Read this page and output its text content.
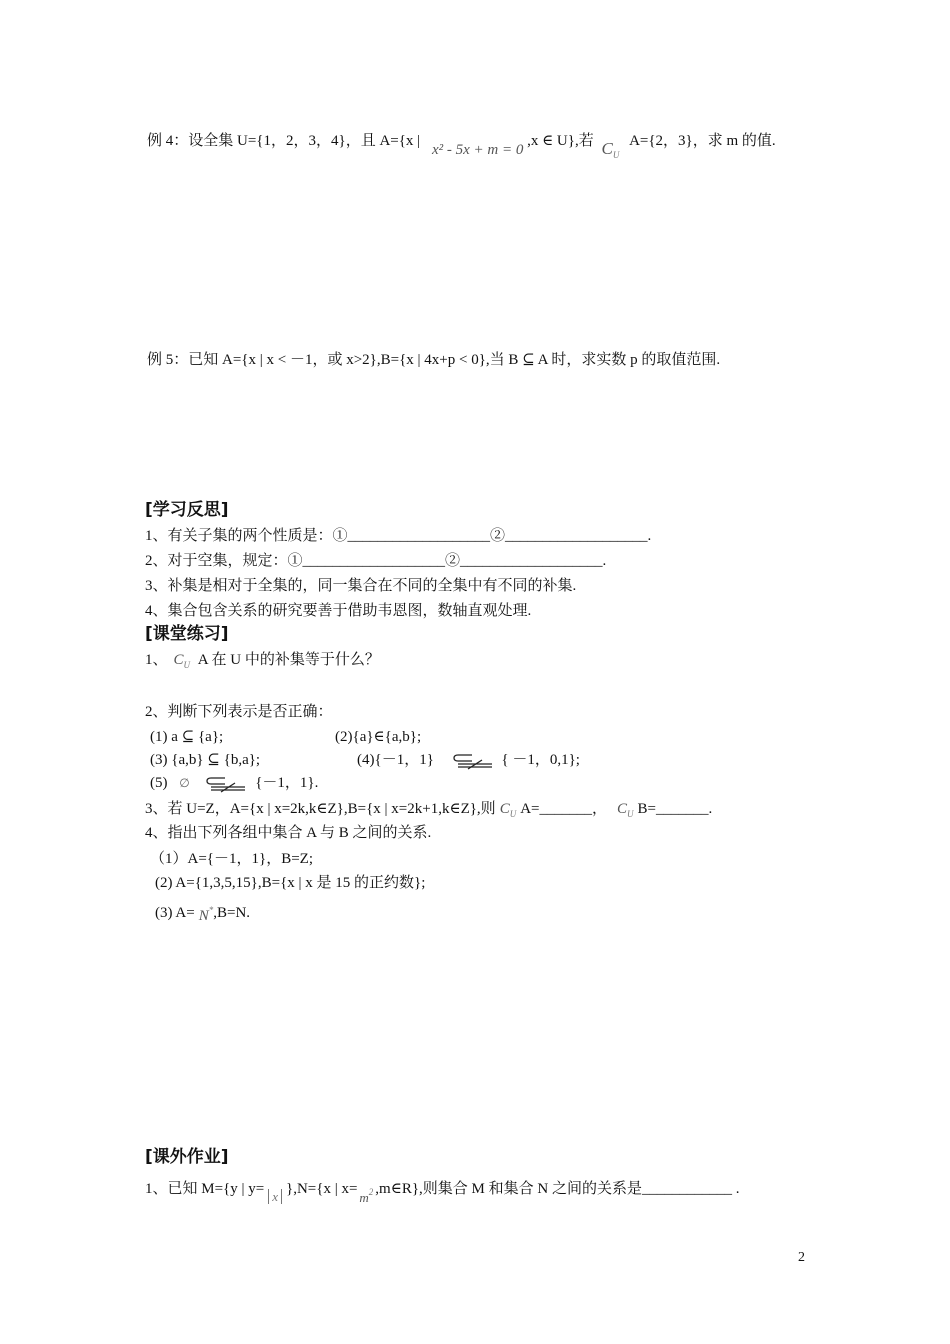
例 4：设全集 U={1，2，3，4}，且 A={x | x² - 5x + m = 0 ,x ∈ U},若 $C_U$ A={2，3}，求 m 的值.
例 5：已知 A={x | x < －1，或 x>2},B={x | 4x+p < 0},当 B ⊆ A 时，求实数 p 的取值范围.
[学习反思]
1、有关子集的两个性质是：①___________________②___________________.
2、对于空集，规定：①___________________②___________________.
3、补集是相对于全集的，同一集合在不同的全集中有不同的补集.
4、集合包含关系的研究要善于借助韦恩图，数轴直观处理.
[课堂练习]
1、 $C_U$ A 在 U 中的补集等于什么？
2、判断下列表示是否正确：
(1) a ⊆ {a};	(2){a}∈{a,b};
(3) {a,b} ⊆ {b,a};	(4){－1，1}	{ －1，0,1};
(5) ∅	{－1，1}.
3、若 U=Z，A={x | x=2k,k∈Z},B={x | x=2k+1,k∈Z},则 $C_U$ A=_______， $C_U$ B=_______.
4、指出下列各组中集合 A 与 B 之间的关系.
（1）A={－1，1}，B=Z;
(2) A={1,3,5,15},B={x | x 是 15 的正约数};
(3) A= N*,B=N.
[课外作业]
1、已知 M={y | y= x },N={x | $x=m^2$ ,m∈R},则集合 M 和集合 N 之间的关系是____________ .
2
